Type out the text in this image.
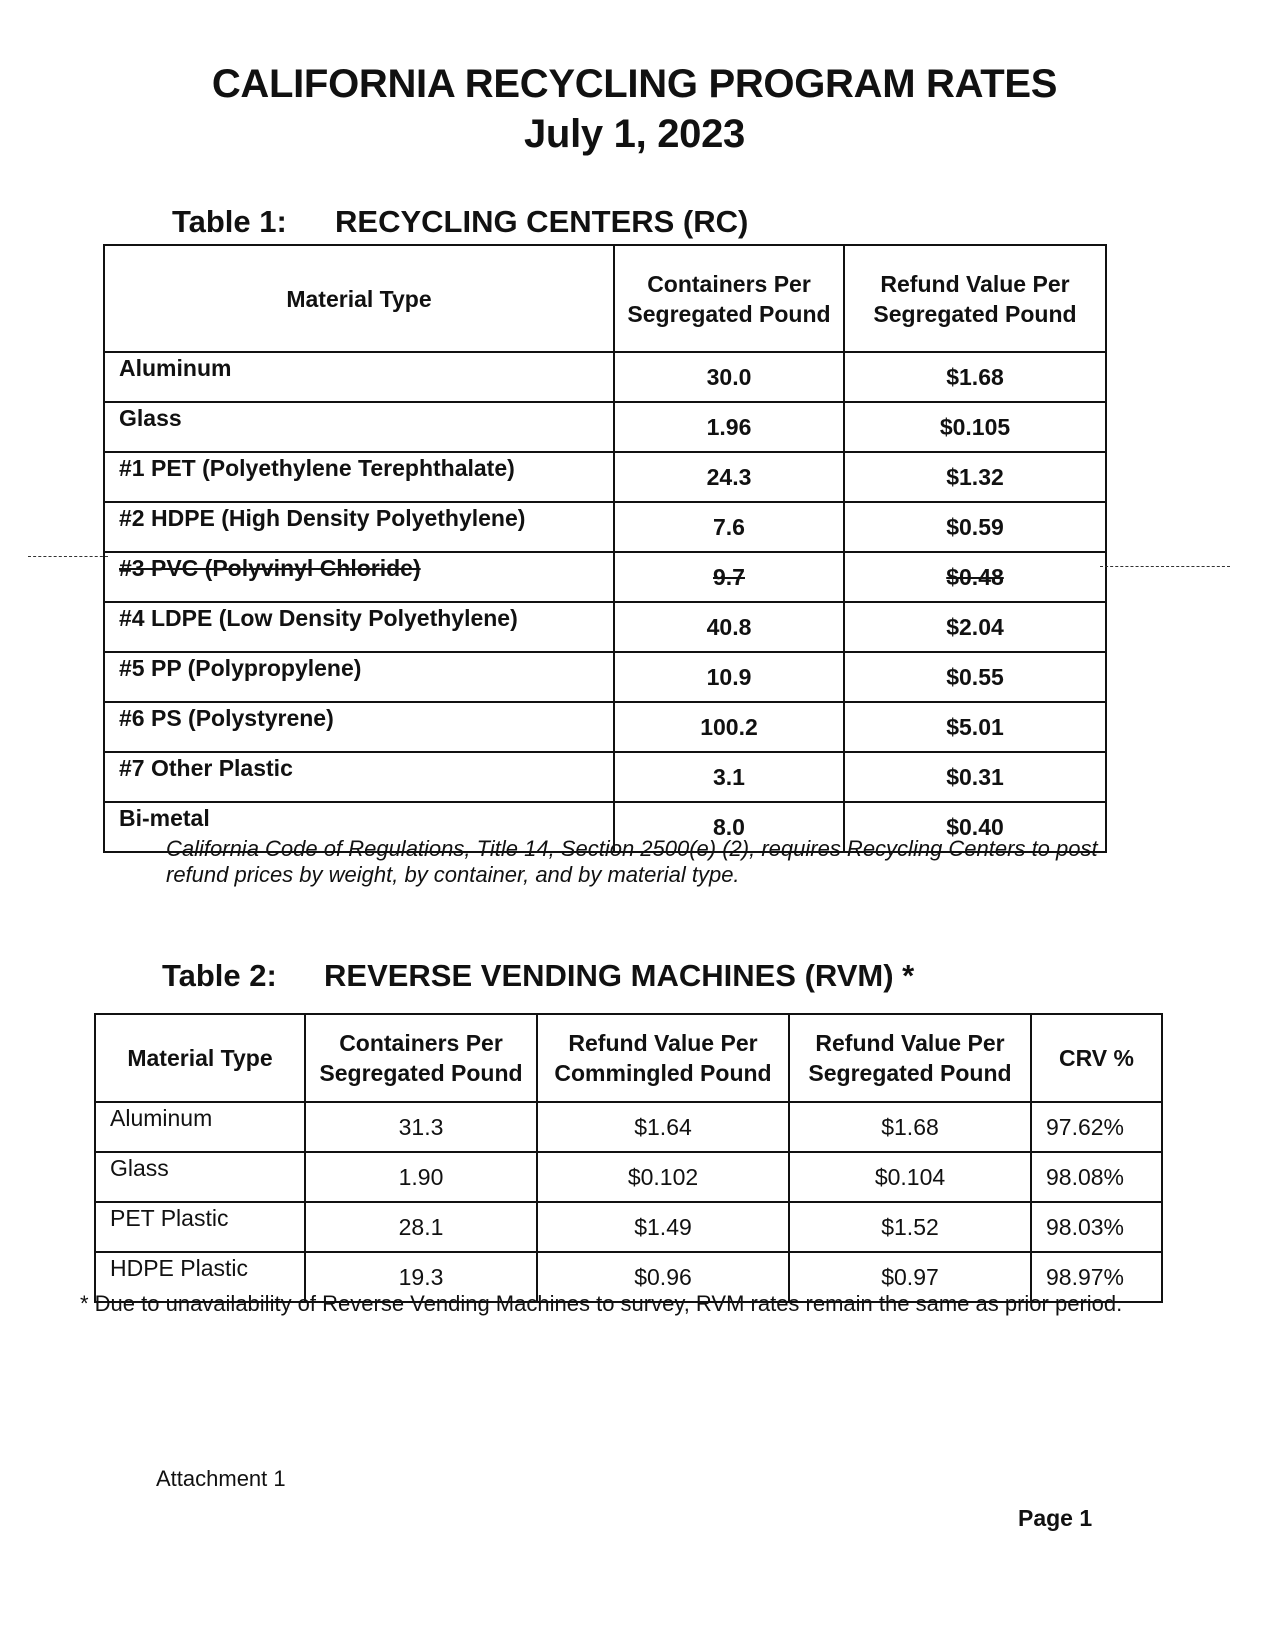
CALIFORNIA RECYCLING PROGRAM RATES
July 1, 2023
Table 1: RECYCLING CENTERS (RC)
Material Type	Containers Per Segregated Pound	Refund Value Per Segregated Pound
Aluminum	30.0	$1.68
Glass	1.96	$0.105
#1 PET (Polyethylene Terephthalate)	24.3	$1.32
#2 HDPE (High Density Polyethylene)	7.6	$0.59
#3 PVC (Polyvinyl Chloride)	9.7	$0.48
#4 LDPE (Low Density Polyethylene)	40.8	$2.04
#5 PP (Polypropylene)	10.9	$0.55
#6 PS (Polystyrene)	100.2	$5.01
#7 Other Plastic	3.1	$0.31
Bi-metal	8.0	$0.40
California Code of Regulations, Title 14, Section 2500(e) (2), requires Recycling Centers to post refund prices by weight, by container, and by material type.
Table 2: REVERSE VENDING MACHINES (RVM) *
Material Type	Containers Per Segregated Pound	Refund Value Per Commingled Pound	Refund Value Per Segregated Pound	CRV %
Aluminum	31.3	$1.64	$1.68	97.62%
Glass	1.90	$0.102	$0.104	98.08%
PET Plastic	28.1	$1.49	$1.52	98.03%
HDPE Plastic	19.3	$0.96	$0.97	98.97%
* Due to unavailability of Reverse Vending Machines to survey, RVM rates remain the same as prior period.
Attachment 1
Page 1
